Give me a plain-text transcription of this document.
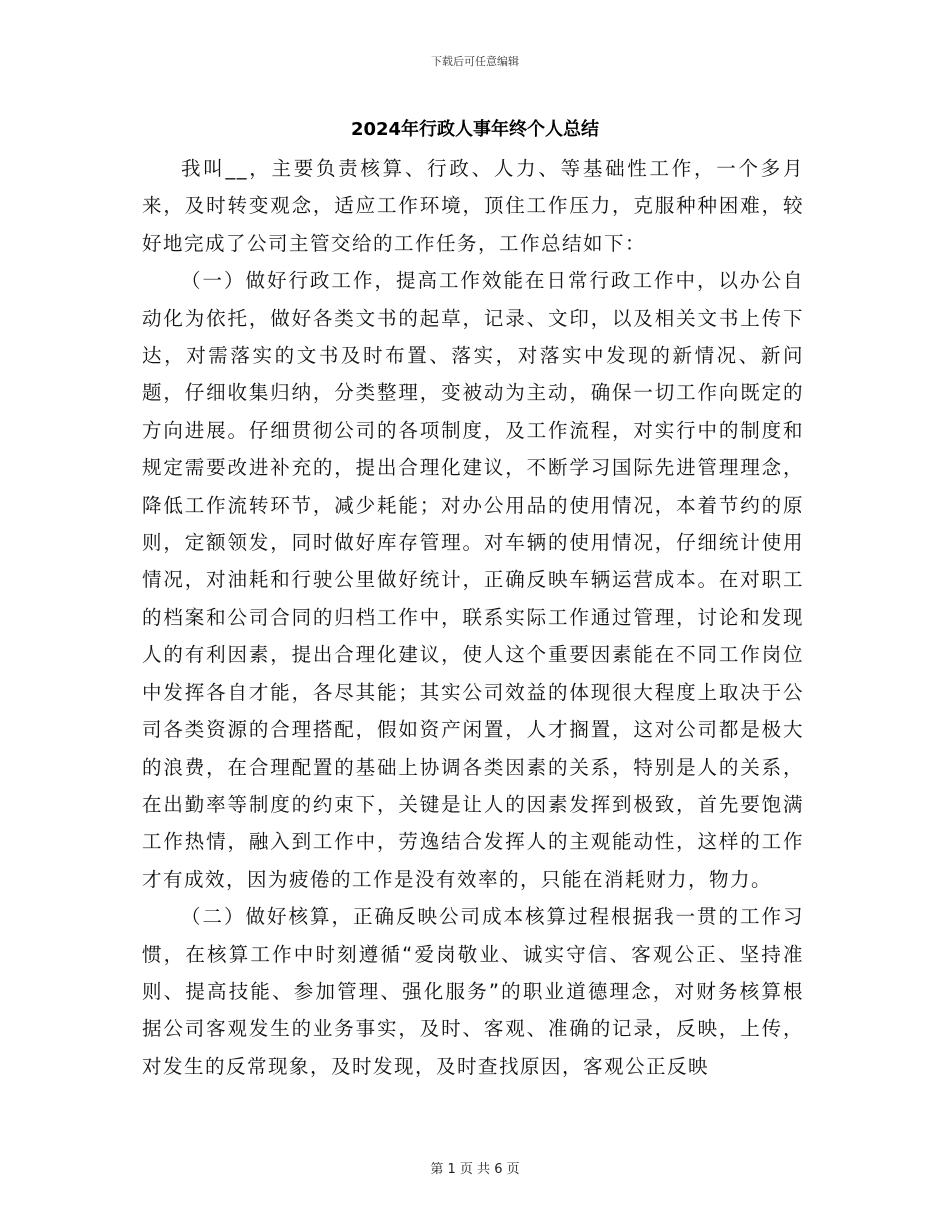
下载后可任意编辑
2024年行政人事年终个人总结

我叫__，主要负责核算、行政、人力、等基础性工作，一个多月来，及时转变观念，适应工作环境，顶住工作压力，克服种种困难，较好地完成了公司主管交给的工作任务，工作总结如下：

（一）做好行政工作，提高工作效能在日常行政工作中，以办公自动化为依托，做好各类文书的起草，记录、文印，以及相关文书上传下达，对需落实的文书及时布置、落实，对落实中发现的新情况、新问题，仔细收集归纳，分类整理，变被动为主动，确保一切工作向既定的方向进展。仔细贯彻公司的各项制度，及工作流程，对实行中的制度和规定需要改进补充的，提出合理化建议，不断学习国际先进管理理念，降低工作流转环节，减少耗能；对办公用品的使用情况，本着节约的原则，定额领发，同时做好库存管理。对车辆的使用情况，仔细统计使用情况，对油耗和行驶公里做好统计，正确反映车辆运营成本。在对职工的档案和公司合同的归档工作中，联系实际工作通过管理，讨论和发现人的有利因素，提出合理化建议，使人这个重要因素能在不同工作岗位中发挥各自才能，各尽其能；其实公司效益的体现很大程度上取决于公司各类资源的合理搭配，假如资产闲置，人才搁置，这对公司都是极大的浪费，在合理配置的基础上协调各类因素的关系，特别是人的关系，在出勤率等制度的约束下，关键是让人的因素发挥到极致，首先要饱满工作热情，融入到工作中，劳逸结合发挥人的主观能动性，这样的工作才有成效，因为疲倦的工作是没有效率的，只能在消耗财力，物力。

（二）做好核算，正确反映公司成本核算过程根据我一贯的工作习惯，在核算工作中时刻遵循“爱岗敬业、诚实守信、客观公正、坚持准则、提高技能、参加管理、强化服务”的职业道德理念，对财务核算根据公司客观发生的业务事实，及时、客观、准确的记录，反映，上传，对发生的反常现象，及时发现，及时查找原因，客观公正反映

第 1 页 共 6 页
